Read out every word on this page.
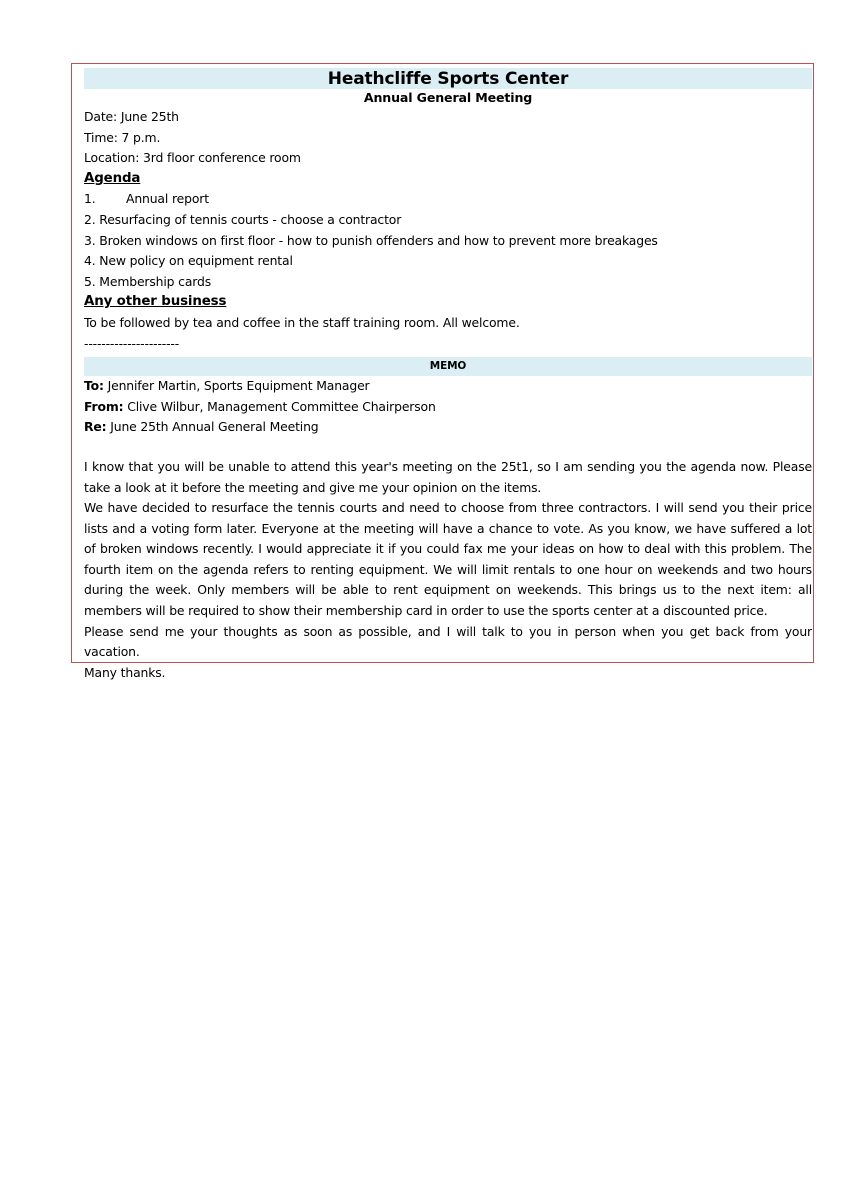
Heathcliffe Sports Center
Annual General Meeting
Date: June 25th
Time: 7 p.m.
Location: 3rd floor conference room
Agenda
1. Annual report
2. Resurfacing of tennis courts - choose a contractor
3. Broken windows on first floor - how to punish offenders and how to prevent more breakages
4. New policy on equipment rental
5. Membership cards
Any other business
To be followed by tea and coffee in the staff training room. All welcome.
----------------------
MEMO
To: Jennifer Martin, Sports Equipment Manager
From: Clive Wilbur, Management Committee Chairperson
Re: June 25th Annual General Meeting
I know that you will be unable to attend this year's meeting on the 25t1, so I am sending you the agenda now. Please take a look at it before the meeting and give me your opinion on the items.
We have decided to resurface the tennis courts and need to choose from three contractors. I will send you their price lists and a voting form later. Everyone at the meeting will have a chance to vote. As you know, we have suffered a lot of broken windows recently. I would appreciate it if you could fax me your ideas on how to deal with this problem. The fourth item on the agenda refers to renting equipment. We will limit rentals to one hour on weekends and two hours during the week. Only members will be able to rent equipment on weekends. This brings us to the next item: all members will be required to show their membership card in order to use the sports center at a discounted price.
Please send me your thoughts as soon as possible, and I will talk to you in person when you get back from your vacation.
Many thanks.
